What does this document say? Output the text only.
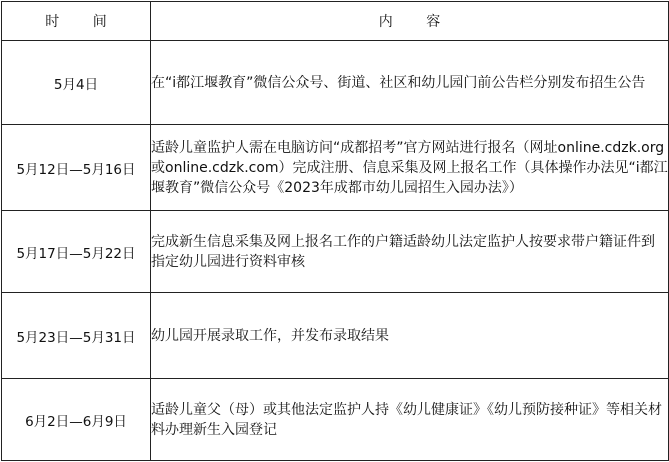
时 间	内 容
5月4日	在“i都江堰教育”微信公众号、街道、社区和幼儿园门前公告栏分别发布招生公告
5月12日—5月16日	适龄儿童监护人需在电脑访问“成都招考”官方网站进行报名（网址online.cdzk.org或online.cdzk.com）完成注册、信息采集及网上报名工作（具体操作办法见“i都江堰教育”微信公众号《2023年成都市幼儿园招生入园办法》）
5月17日—5月22日	完成新生信息采集及网上报名工作的户籍适龄幼儿法定监护人按要求带户籍证件到指定幼儿园进行资料审核
5月23日—5月31日	幼儿园开展录取工作，并发布录取结果
6月2日—6月9日	适龄儿童父（母）或其他法定监护人持《幼儿健康证》《幼儿预防接种证》等相关材料办理新生入园登记
